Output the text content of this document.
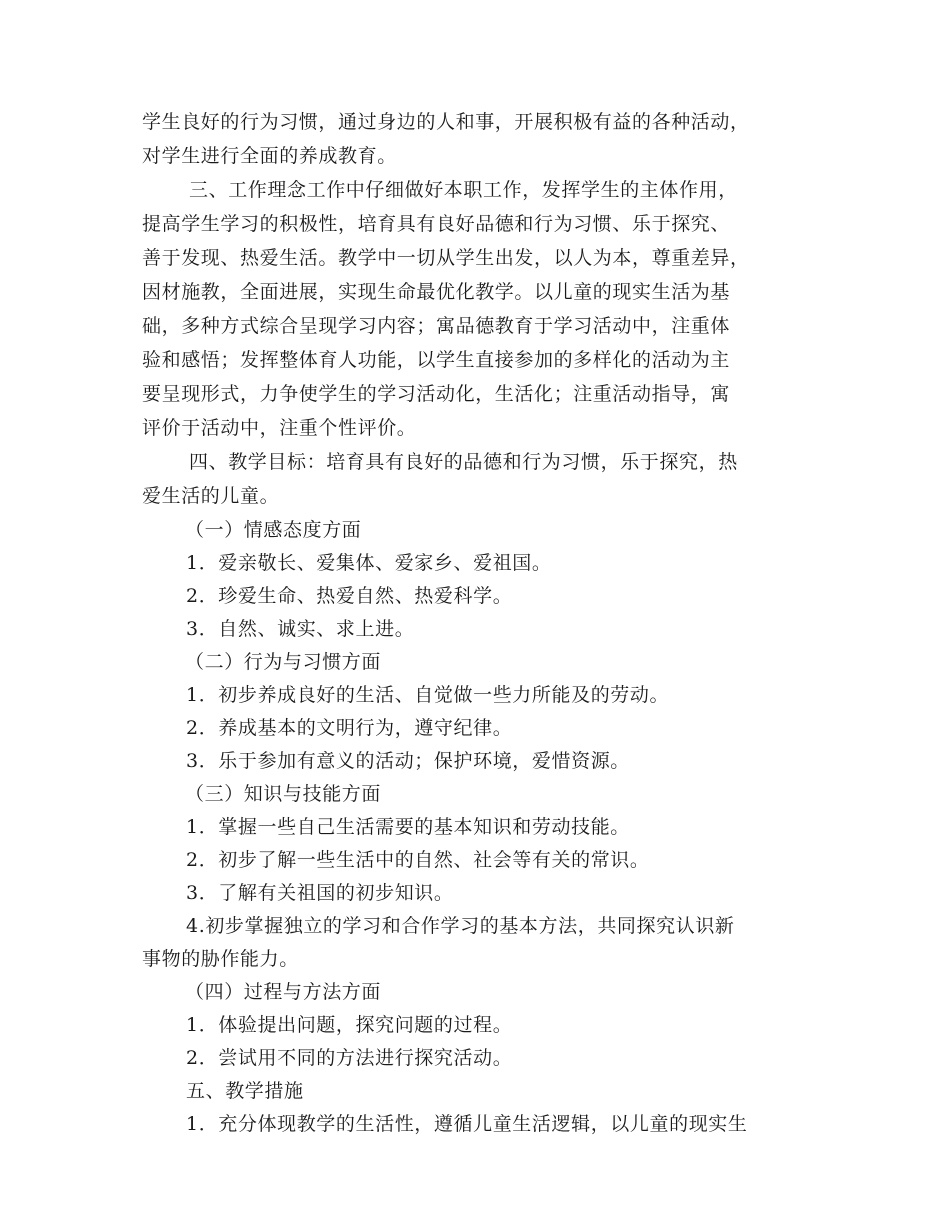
学生良好的行为习惯，通过身边的人和事，开展积极有益的各种活动，
对学生进行全面的养成教育。
三、工作理念工作中仔细做好本职工作，发挥学生的主体作用，
提高学生学习的积极性，培育具有良好品德和行为习惯、乐于探究、
善于发现、热爱生活。教学中一切从学生出发，以人为本，尊重差异，
因材施教，全面进展，实现生命最优化教学。以儿童的现实生活为基
础，多种方式综合呈现学习内容；寓品德教育于学习活动中，注重体
验和感悟；发挥整体育人功能，以学生直接参加的多样化的活动为主
要呈现形式，力争使学生的学习活动化，生活化；注重活动指导，寓
评价于活动中，注重个性评价。
四、教学目标：培育具有良好的品德和行为习惯，乐于探究，热
爱生活的儿童。
（一）情感态度方面
1．爱亲敬长、爱集体、爱家乡、爱祖国。
2．珍爱生命、热爱自然、热爱科学。
3．自然、诚实、求上进。
（二）行为与习惯方面
1．初步养成良好的生活、自觉做一些力所能及的劳动。
2．养成基本的文明行为，遵守纪律。
3．乐于参加有意义的活动；保护环境，爱惜资源。
（三）知识与技能方面
1．掌握一些自己生活需要的基本知识和劳动技能。
2．初步了解一些生活中的自然、社会等有关的常识。
3．了解有关祖国的初步知识。
4.初步掌握独立的学习和合作学习的基本方法，共同探究认识新
事物的胁作能力。
（四）过程与方法方面
1．体验提出问题，探究问题的过程。
2．尝试用不同的方法进行探究活动。
五、教学措施
1．充分体现教学的生活性，遵循儿童生活逻辑，以儿童的现实生
